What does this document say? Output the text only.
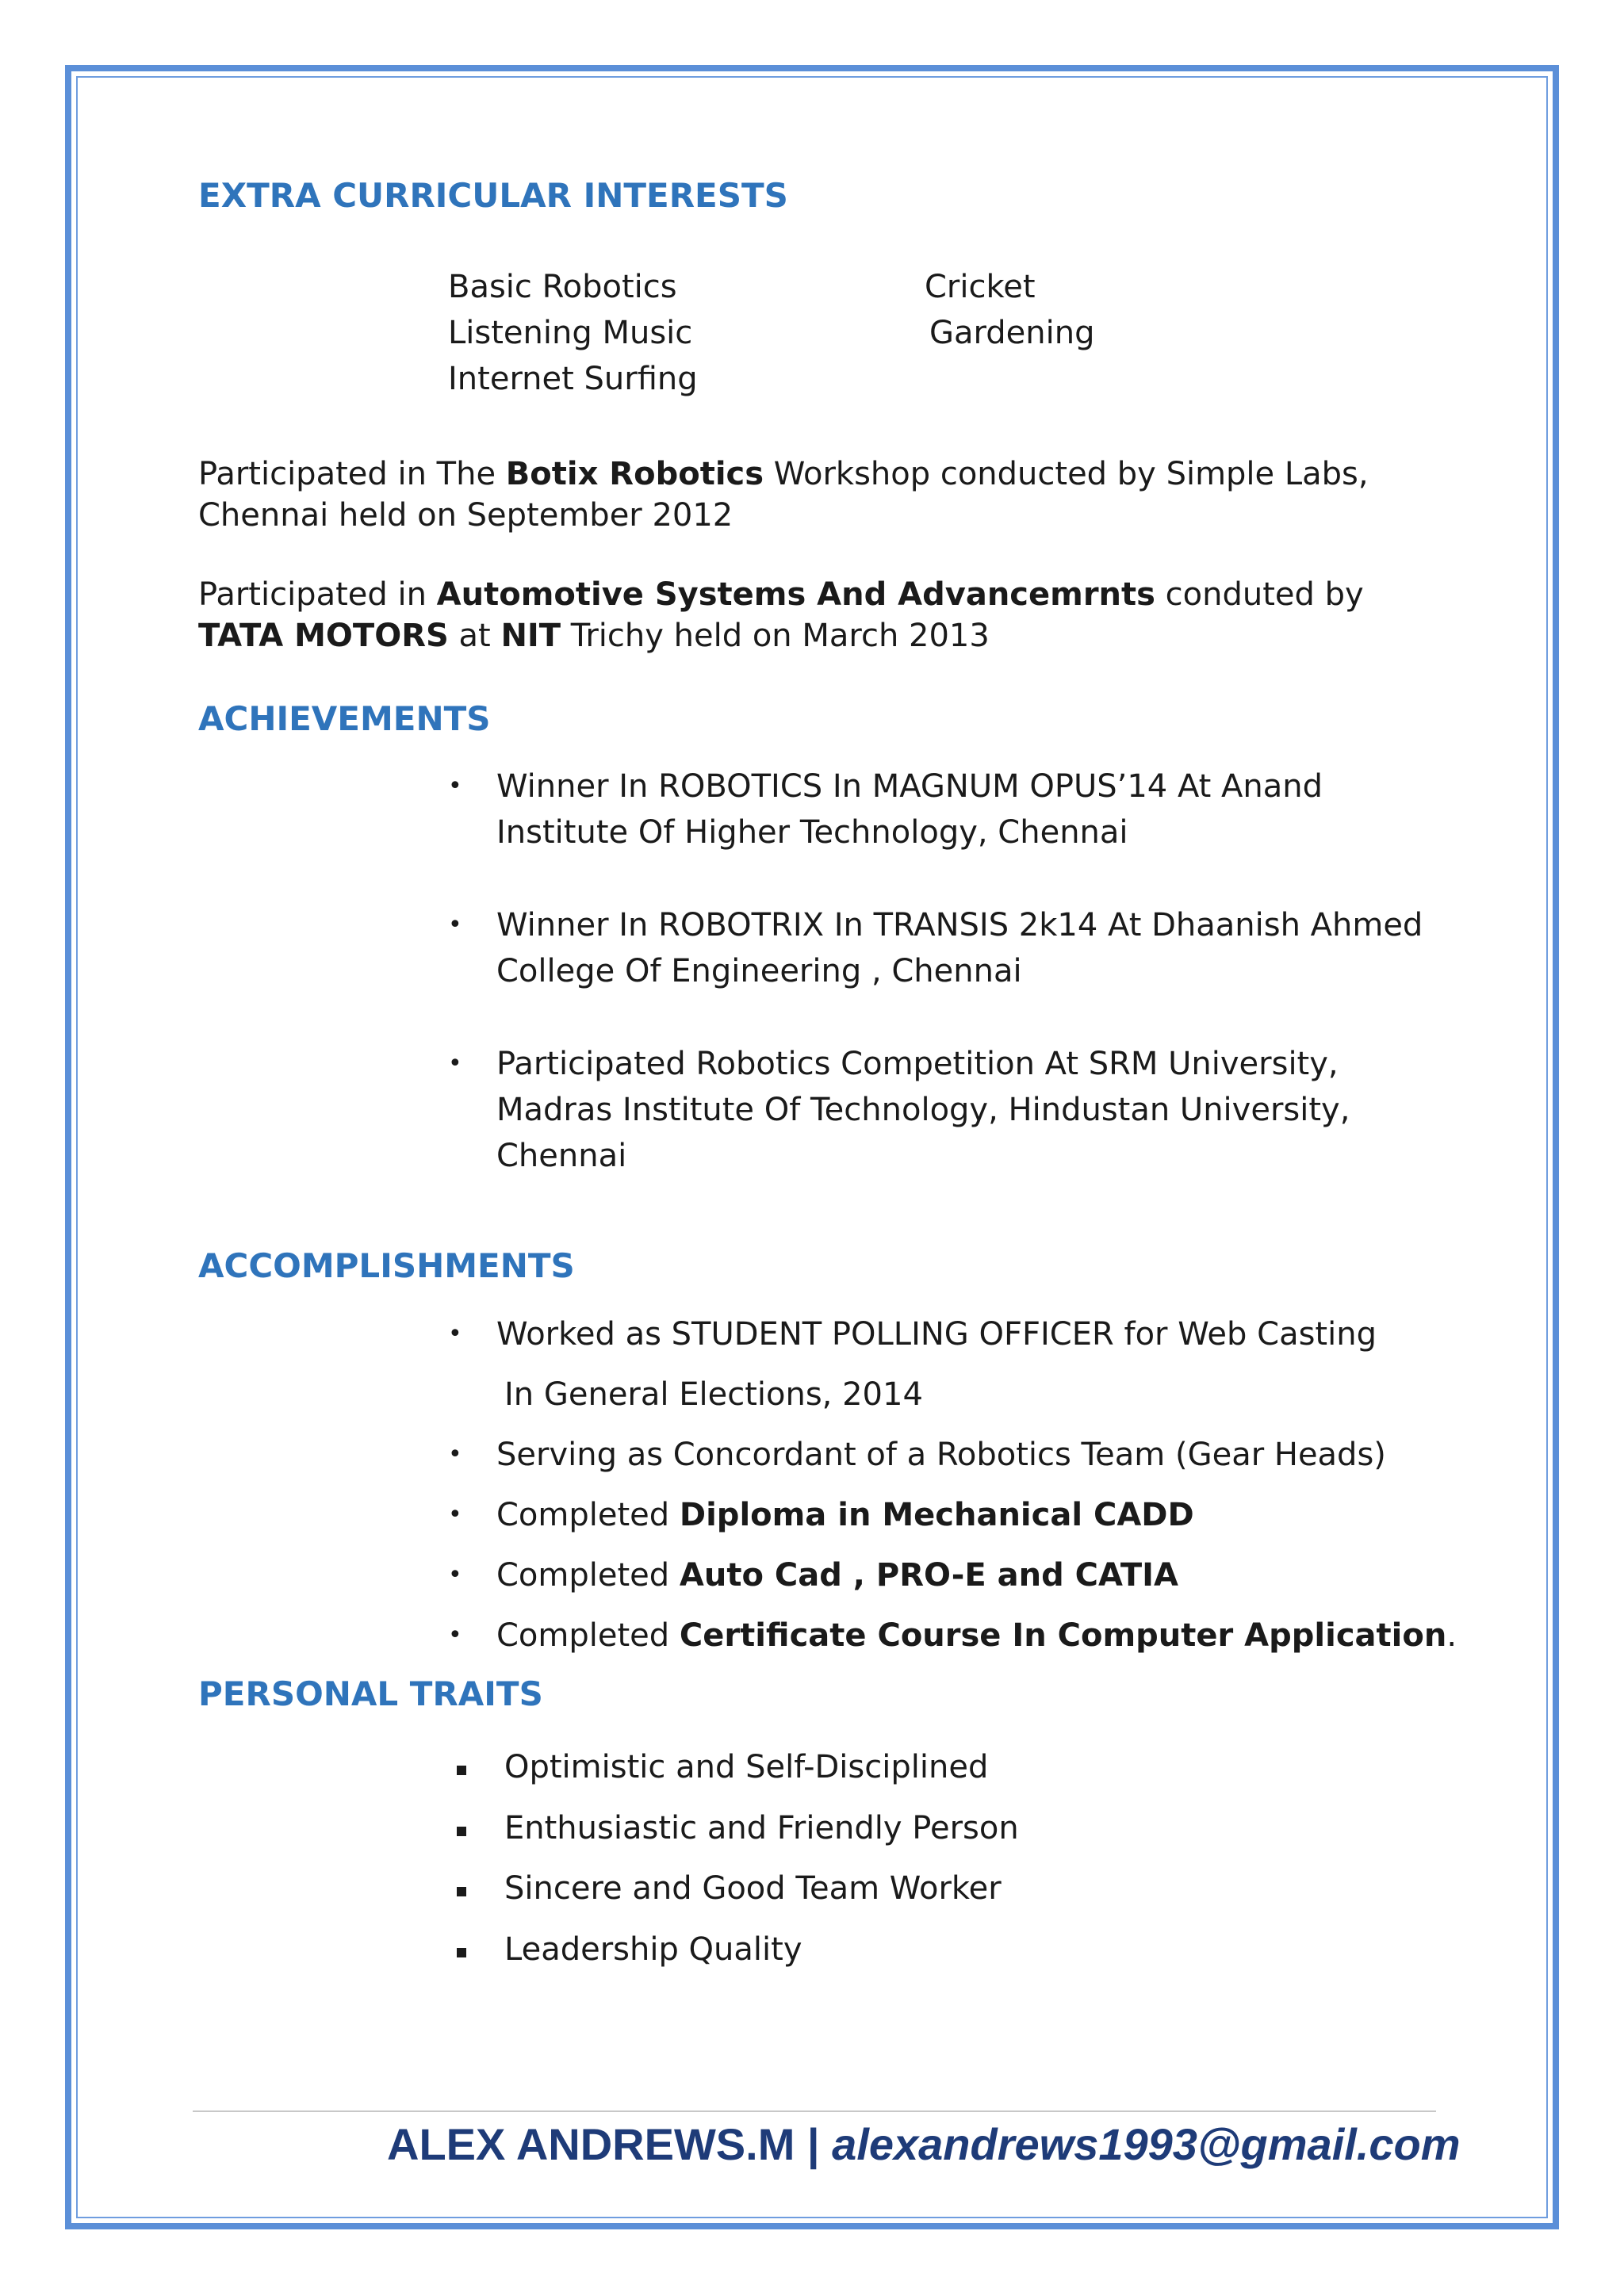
EXTRA CURRICULAR INTERESTS
Basic Robotics
Listening Music
Internet Surfing
Cricket
Gardening

Participated in The Botix Robotics Workshop conducted by Simple Labs, Chennai held on September 2012

Participated in Automotive Systems And Advancemrnts conduted by TATA MOTORS at NIT Trichy held on March 2013

ACHIEVEMENTS
• Winner In ROBOTICS In MAGNUM OPUS’14 At Anand
Institute Of Higher Technology, Chennai
• Winner In ROBOTRIX In TRANSIS 2k14 At Dhaanish Ahmed
College Of Engineering , Chennai
• Participated Robotics Competition At SRM University,
Madras Institute Of Technology, Hindustan University,
Chennai
ACCOMPLISHMENTS
• Worked as STUDENT POLLING OFFICER for Web Casting
In General Elections, 2014
• Serving as Concordant of a Robotics Team (Gear Heads)
• Completed Diploma in Mechanical CADD
• Completed Auto Cad , PRO-E and CATIA
• Completed Certificate Course In Computer Application.
PERSONAL TRAITS
Optimistic and Self-Disciplined
Enthusiastic and Friendly Person
Sincere and Good Team Worker
Leadership Quality
ALEX ANDREWS.M | alexandrews1993@gmail.com
